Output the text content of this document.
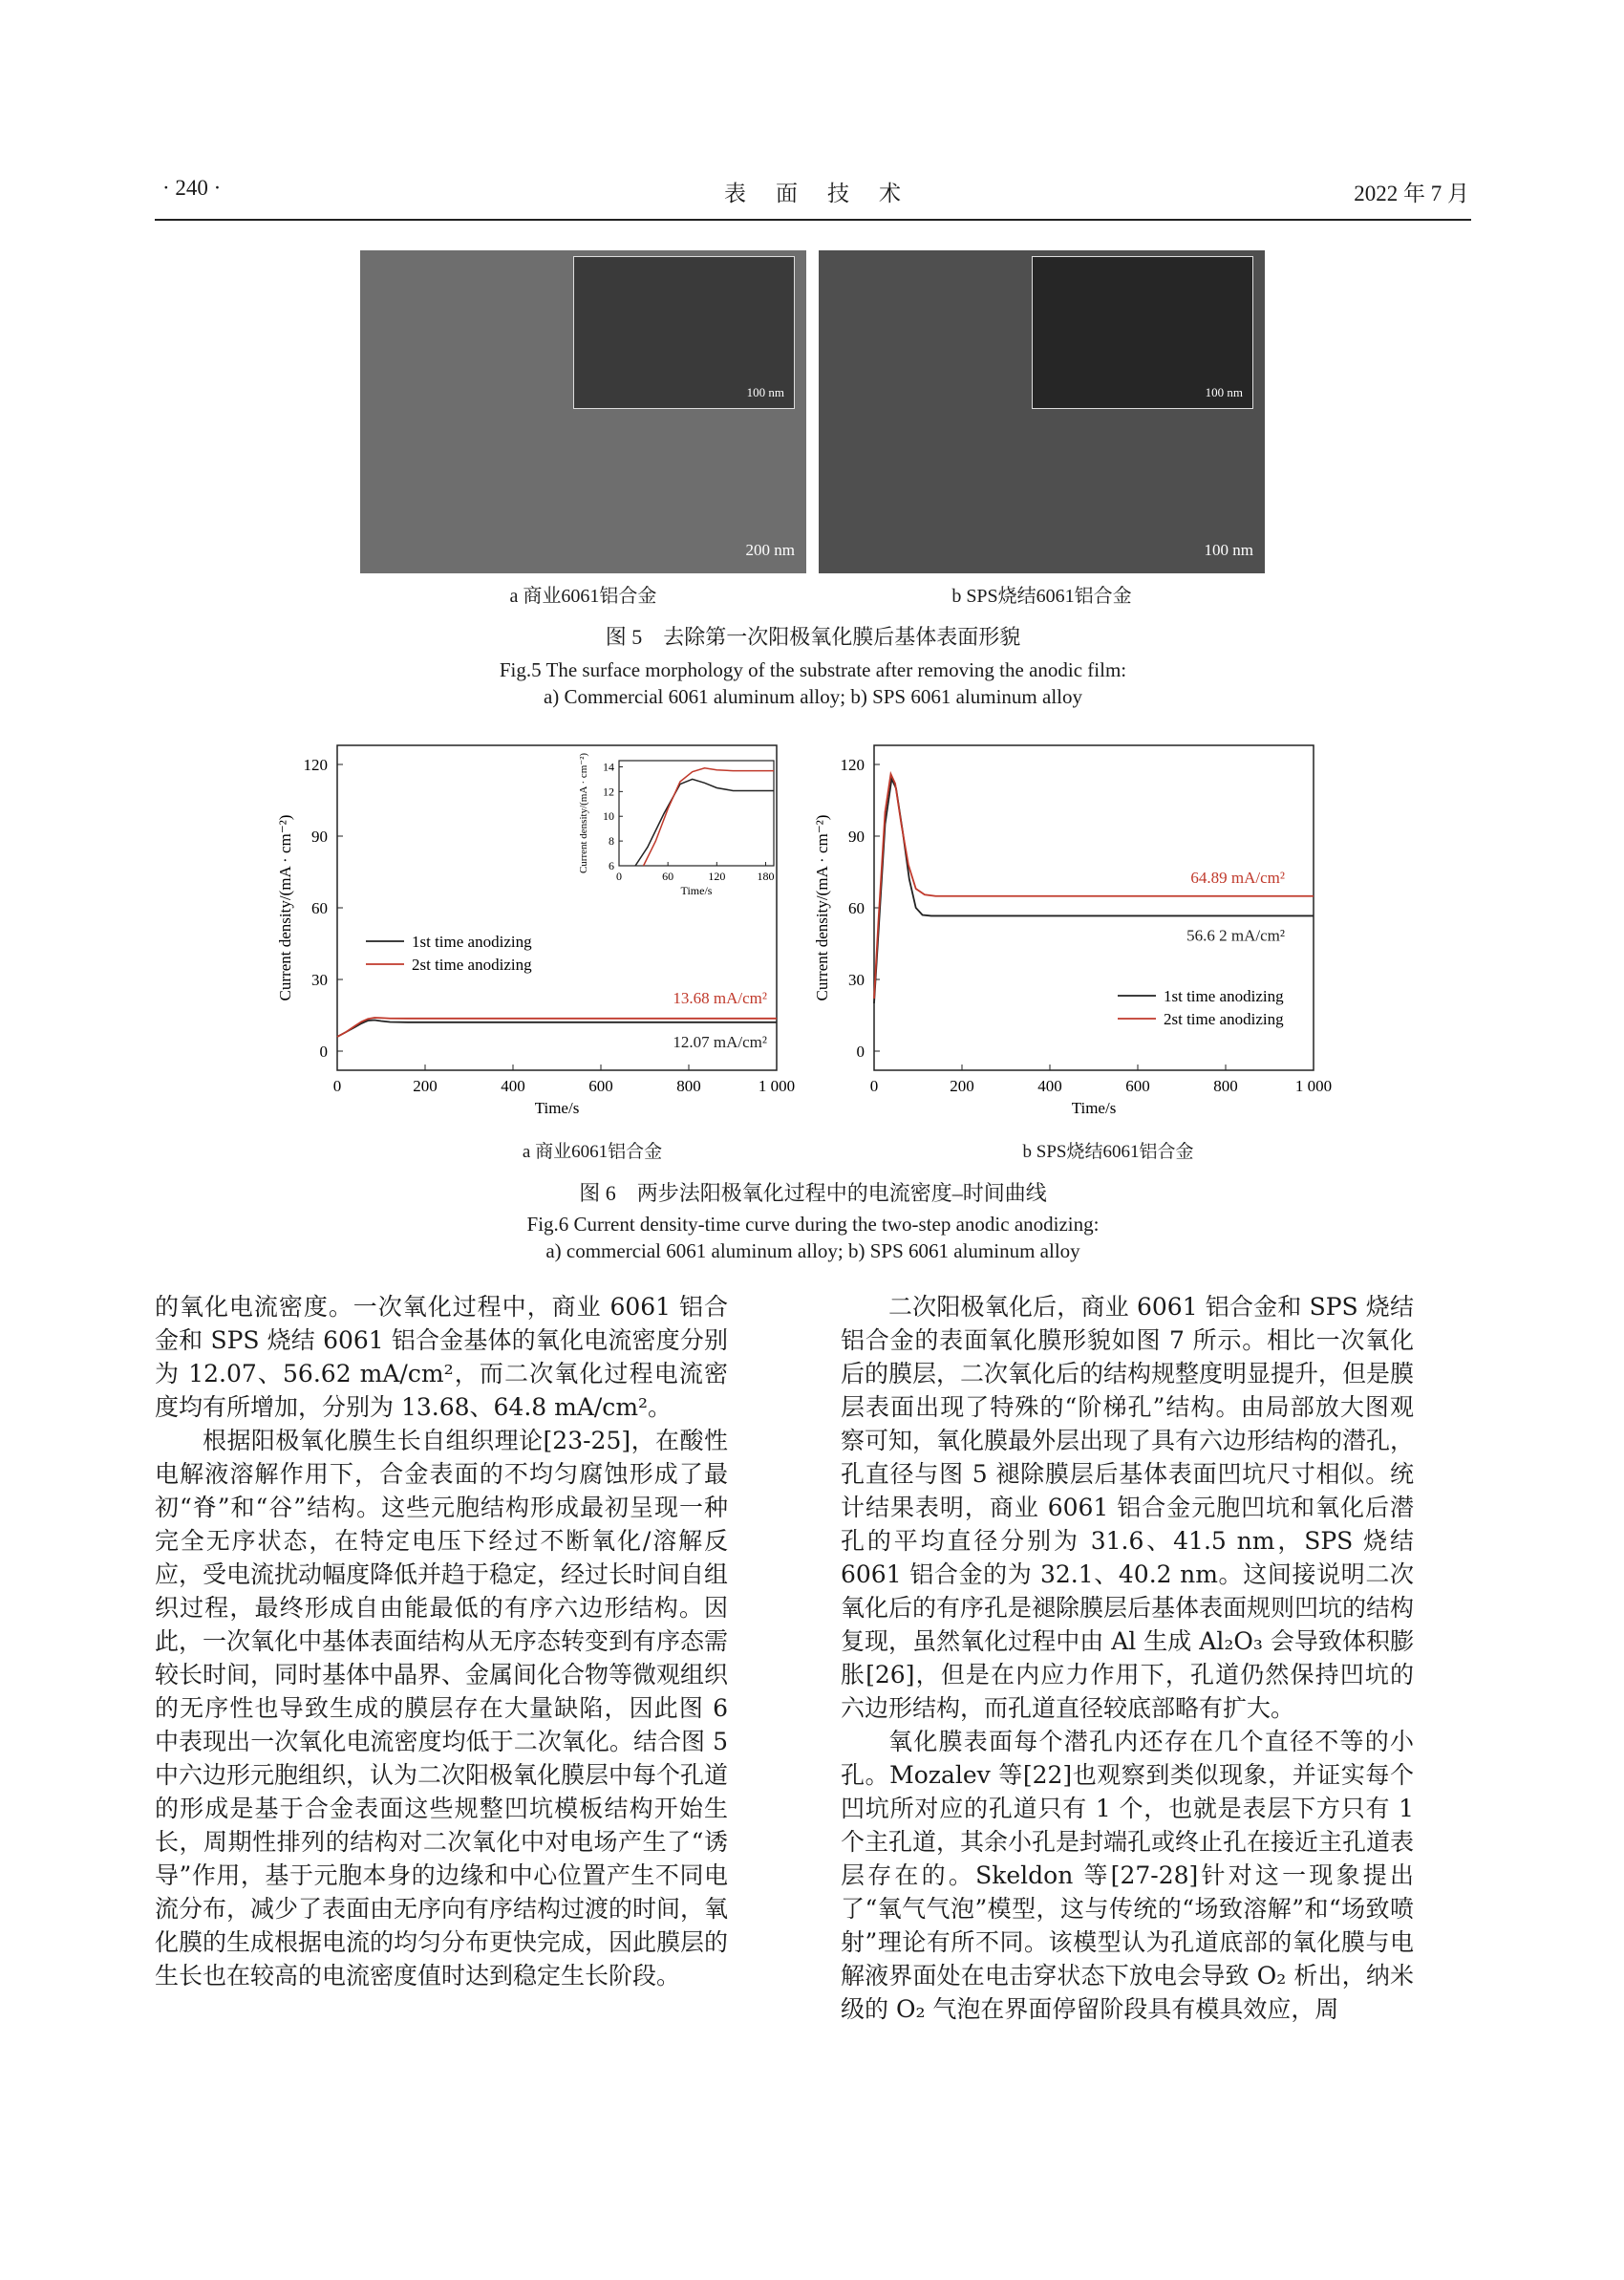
· 240 ·	表　面　技　术	2022 年 7 月
100 nm
200 nm
100 nm
100 nm
a 商业6061铝合金	b SPS烧结6061铝合金
图 5　去除第一次阳极氧化膜后基体表面形貌
Fig.5 The surface morphology of the substrate after removing the anodic film:
a) Commercial 6061 aluminum alloy; b) SPS 6061 aluminum alloy
0	200	400	600	800	1 000
0
30
60
90
120
Time/s
Current density/(mA · cm⁻²)	1st time anodizing
2st time anodizing
13.68 mA/cm²
12.07 mA/cm²
0	60	120	180
6
8
10
12
14
Time/s
Current density/(mA · cm⁻²)
0	200	400	600	800	1 000
0
30
60
90
120
Time/s
Current density/(mA · cm⁻²)	1st time anodizing
2st time anodizing
64.89 mA/cm²
56.6 2 mA/cm²
a 商业6061铝合金	b SPS烧结6061铝合金
图 6　两步法阳极氧化过程中的电流密度–时间曲线
Fig.6 Current density-time curve during the two-step anodic anodizing:
a) commercial 6061 aluminum alloy; b) SPS 6061 aluminum alloy

的氧化电流密度。一次氧化过程中，商业 6061 铝合金和 SPS 烧结 6061 铝合金基体的氧化电流密度分别为 12.07、56.62 mA/cm²，而二次氧化过程电流密度均有所增加，分别为 13.68、64.8 mA/cm²。

根据阳极氧化膜生长自组织理论[23-25]，在酸性电解液溶解作用下，合金表面的不均匀腐蚀形成了最初“脊”和“谷”结构。这些元胞结构形成最初呈现一种完全无序状态，在特定电压下经过不断氧化/溶解反应，受电流扰动幅度降低并趋于稳定，经过长时间自组织过程，最终形成自由能最低的有序六边形结构。因此，一次氧化中基体表面结构从无序态转变到有序态需较长时间，同时基体中晶界、金属间化合物等微观组织的无序性也导致生成的膜层存在大量缺陷，因此图 6 中表现出一次氧化电流密度均低于二次氧化。结合图 5 中六边形元胞组织，认为二次阳极氧化膜层中每个孔道的形成是基于合金表面这些规整凹坑模板结构开始生长，周期性排列的结构对二次氧化中对电场产生了“诱导”作用，基于元胞本身的边缘和中心位置产生不同电流分布，减少了表面由无序向有序结构过渡的时间，氧化膜的生成根据电流的均匀分布更快完成，因此膜层的生长也在较高的电流密度值时达到稳定生长阶段。

二次阳极氧化后，商业 6061 铝合金和 SPS 烧结铝合金的表面氧化膜形貌如图 7 所示。相比一次氧化后的膜层，二次氧化后的结构规整度明显提升，但是膜层表面出现了特殊的“阶梯孔”结构。由局部放大图观察可知，氧化膜最外层出现了具有六边形结构的潜孔，孔直径与图 5 褪除膜层后基体表面凹坑尺寸相似。统计结果表明，商业 6061 铝合金元胞凹坑和氧化后潜孔的平均直径分别为 31.6、41.5 nm，SPS 烧结 6061 铝合金的为 32.1、40.2 nm。这间接说明二次氧化后的有序孔是褪除膜层后基体表面规则凹坑的结构复现，虽然氧化过程中由 Al 生成 Al₂O₃ 会导致体积膨胀[26]，但是在内应力作用下，孔道仍然保持凹坑的六边形结构，而孔道直径较底部略有扩大。

氧化膜表面每个潜孔内还存在几个直径不等的小孔。Mozalev 等[22]也观察到类似现象，并证实每个凹坑所对应的孔道只有 1 个，也就是表层下方只有 1 个主孔道，其余小孔是封端孔或终止孔在接近主孔道表层存在的。Skeldon 等[27-28]针对这一现象提出了“氧气气泡”模型，这与传统的“场致溶解”和“场致喷射”理论有所不同。该模型认为孔道底部的氧化膜与电解液界面处在电击穿状态下放电会导致 O₂ 析出，纳米级的 O₂ 气泡在界面停留阶段具有模具效应，周
